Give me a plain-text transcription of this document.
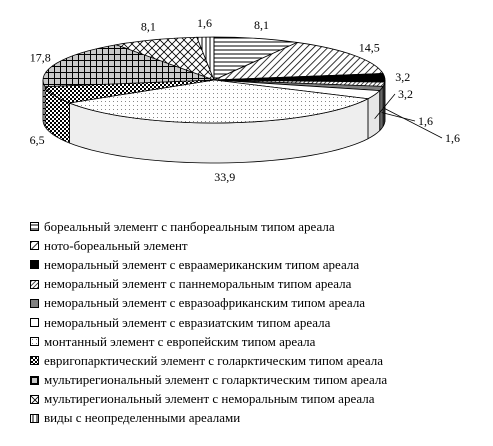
8,1
14,5
3,2
1,6
1,6
3,2
33,9
6,5
17,8
8,1	1,6
бореальный элемент с панбореальным типом ареала
ното-бореальный элемент
неморальный элемент с евраамериканским типом ареала
неморальный элемент с паннеморальным типом ареала
неморальный элемент с евразоафриканским типом ареала
неморальный элемент с евразиатским типом ареала
монтанный элемент с европейским типом ареала
евригопарктический элемент с голарктическим типом ареала
мультирегиональный элемент с голарктическим типом ареала
мультирегиональный элемент с неморальным типом ареала
виды с неопределенными ареалами
